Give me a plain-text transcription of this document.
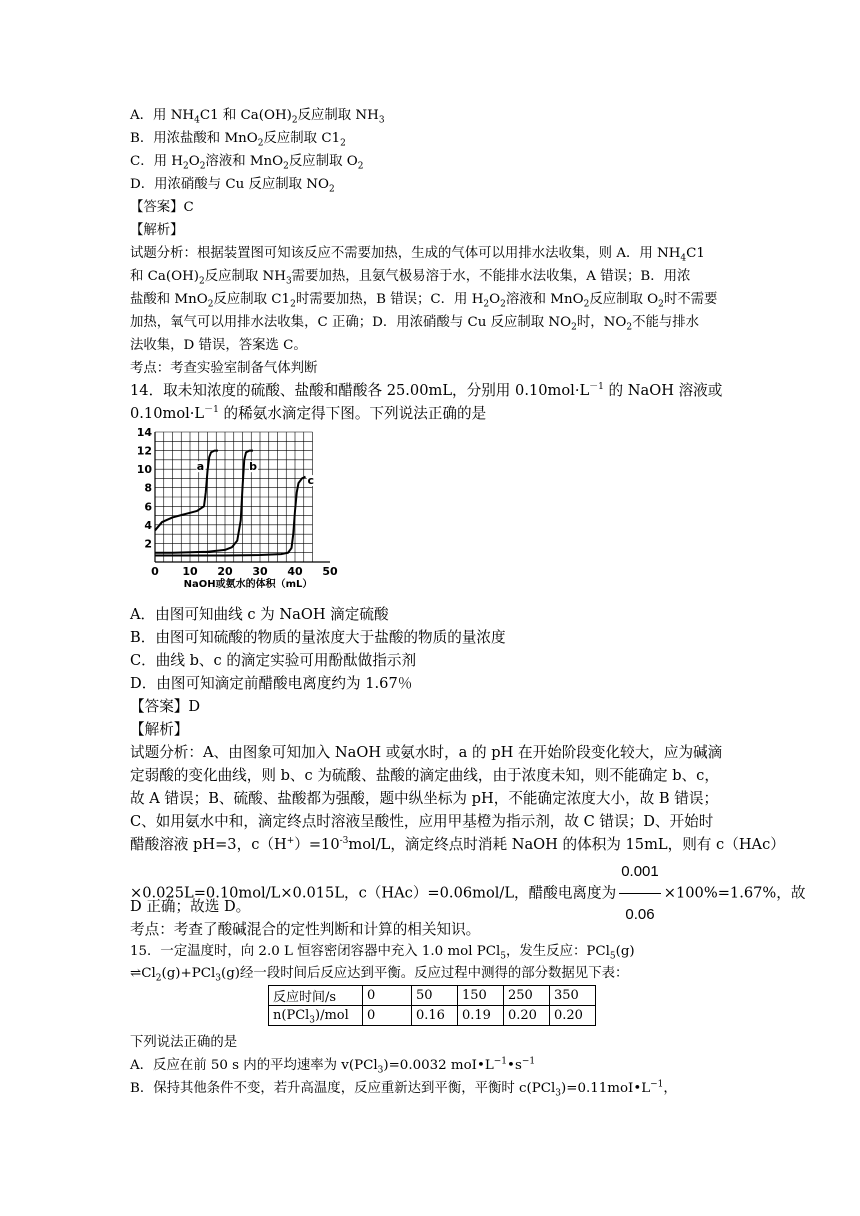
A．用 $NH_4C1$ 和 $Ca(OH)_2$反应制取 $NH_3$
B．用浓盐酸和 MnO$_2$反应制取 $C1_2$
C．用 $H_2O_2$溶液和 MnO$_2$反应制取 $O_2$
D．用浓硝酸与 Cu 反应制取 $NO_2$
【答案】C
【解析】
试题分析：根据装置图可知该反应不需要加热，生成的气体可以用排水法收集，则 A．用 $NH_4C1$
和 $Ca(OH)_2$反应制取 $NH_3$需要加热，且氨气极易溶于水，不能排水法收集，A 错误；B．用浓
盐酸和 MnO$_2$反应制取 $C1_2$时需要加热，B 错误；C．用 $H_2O_2$溶液和 MnO$_2$反应制取 $O_2$时不需要
加热，氧气可以用排水法收集，C 正确；D．用浓硝酸与 Cu 反应制取 $NO_2$时，$NO_2$不能与排水
法收集，D 错误，答案选 C。
考点：考查实验室制备气体判断
14．取未知浓度的硫酸、盐酸和醋酸各 25.00mL，分别用 $0.10mol\cdot L^{-1}$ 的 NaOH 溶液或
$0.10mol\cdot L^{-1}$ 的稀氨水滴定得下图。下列说法正确的是
0 10 20 30 40 50
2
4
6
8
10
12
14
a	b
c
NaOH或氨水的体积（mL）
A．由图可知曲线 c 为 NaOH 滴定硫酸
B．由图可知硫酸的物质的量浓度大于盐酸的物质的量浓度
C．曲线 b、c 的滴定实验可用酚酞做指示剂
D．由图可知滴定前醋酸电离度约为 1.67％
【答案】D
【解析】
试题分析：A、由图象可知加入 NaOH 或氨水时，a 的 pH 在开始阶段变化较大，应为碱滴
定弱酸的变化曲线，则 b、c 为硫酸、盐酸的滴定曲线，由于浓度未知，则不能确定 b、c，
故 A 错误；B、硫酸、盐酸都为强酸，题中纵坐标为 pH，不能确定浓度大小，故 B 错误；
C、如用氨水中和，滴定终点时溶液呈酸性，应用甲基橙为指示剂，故 C 错误；D、开始时
醋酸溶液 pH=3，$c(H^+)=10^{-3}mol/L$，滴定终点时消耗 NaOH 的体积为 15mL，则有 c（HAc）
×0.025L=0.10mol/L×0.015L，c（HAc）=0.06mol/L，醋酸电离度为 $\frac{0.001}{0.06} \times 100\%=1.67\%$，故
D 正确；故选 D。
考点：考查了酸碱混合的定性判断和计算的相关知识。
15．一定温度时，向 2.0 L 恒容密闭容器中充入 1.0 mol PCl$_5$，发生反应：PCl$_5$(g)
$\rightleftharpoons Cl_2(g)+PCl_3(g)$经一段时间后反应达到平衡。反应过程中测得的部分数据见下表：
反应时间/s	0	50	150	250	350
n(PCl$_3$)/mol	0	0.16	0.19	0.20	0.20
下列说法正确的是
A．反应在前 50 s 内的平均速率为 v(PCl$_3$)=0.0032 $moI•L^{-1}•s^{-1}$
B．保持其他条件不变，若升高温度，反应重新达到平衡，平衡时 $c(PCl_3)=0.11moI•L^{-1}$，
